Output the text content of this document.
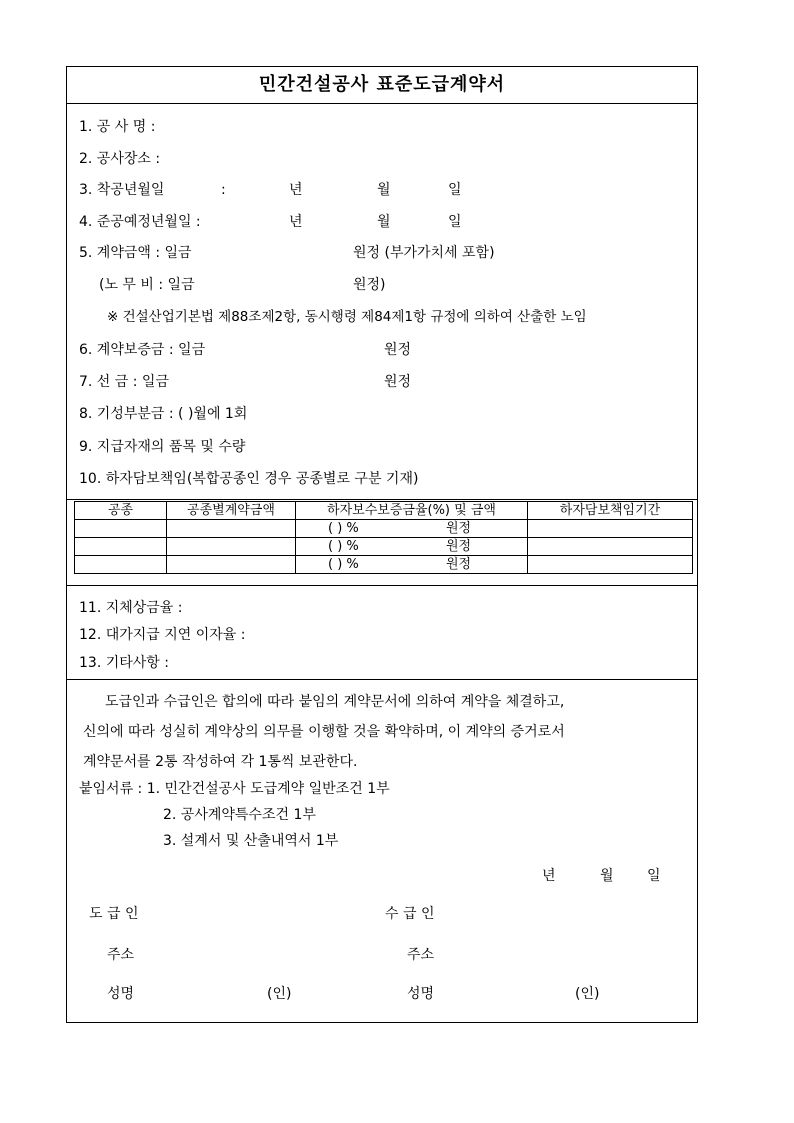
민간건설공사 표준도급계약서
1. 공 사 명 :
2. 공사장소 :
3. 착공년월일	:	년	월	일
4. 준공예정년월일 :	년	월	일
5. 계약금액 : 일금	원정 (부가가치세 포함)
(노 무 비 : 일금	원정)
※ 건설산업기본법 제88조제2항, 동시행령 제84제1항 규정에 의하여 산출한 노임
6. 계약보증금 : 일금	원정
7. 선 금 : 일금	원정
8. 기성부분금 : ( )월에 1회
9. 지급자재의 품목 및 수량
10. 하자담보책임(복합공종인 경우 공종별로 구분 기재)
공종	공종별계약금액	하자보수보증금율(%) 및 금액	하자담보책임기간
		( ) % 원정	
		( ) % 원정	
		( ) % 원정	
11. 지체상금율 :
12. 대가지급 지연 이자율 :
13. 기타사항 :
도급인과 수급인은 합의에 따라 붙임의 계약문서에 의하여 계약을 체결하고,
신의에 따라 성실히 계약상의 의무를 이행할 것을 확약하며, 이 계약의 증거로서
계약문서를 2통 작성하여 각 1통씩 보관한다.
붙임서류 : 1. 민간건설공사 도급계약 일반조건 1부
2. 공사계약특수조건 1부
3. 설계서 및 산출내역서 1부
년	월 일
도 급 인	수 급 인
주소	주소
성명	(인)	성명	(인)
